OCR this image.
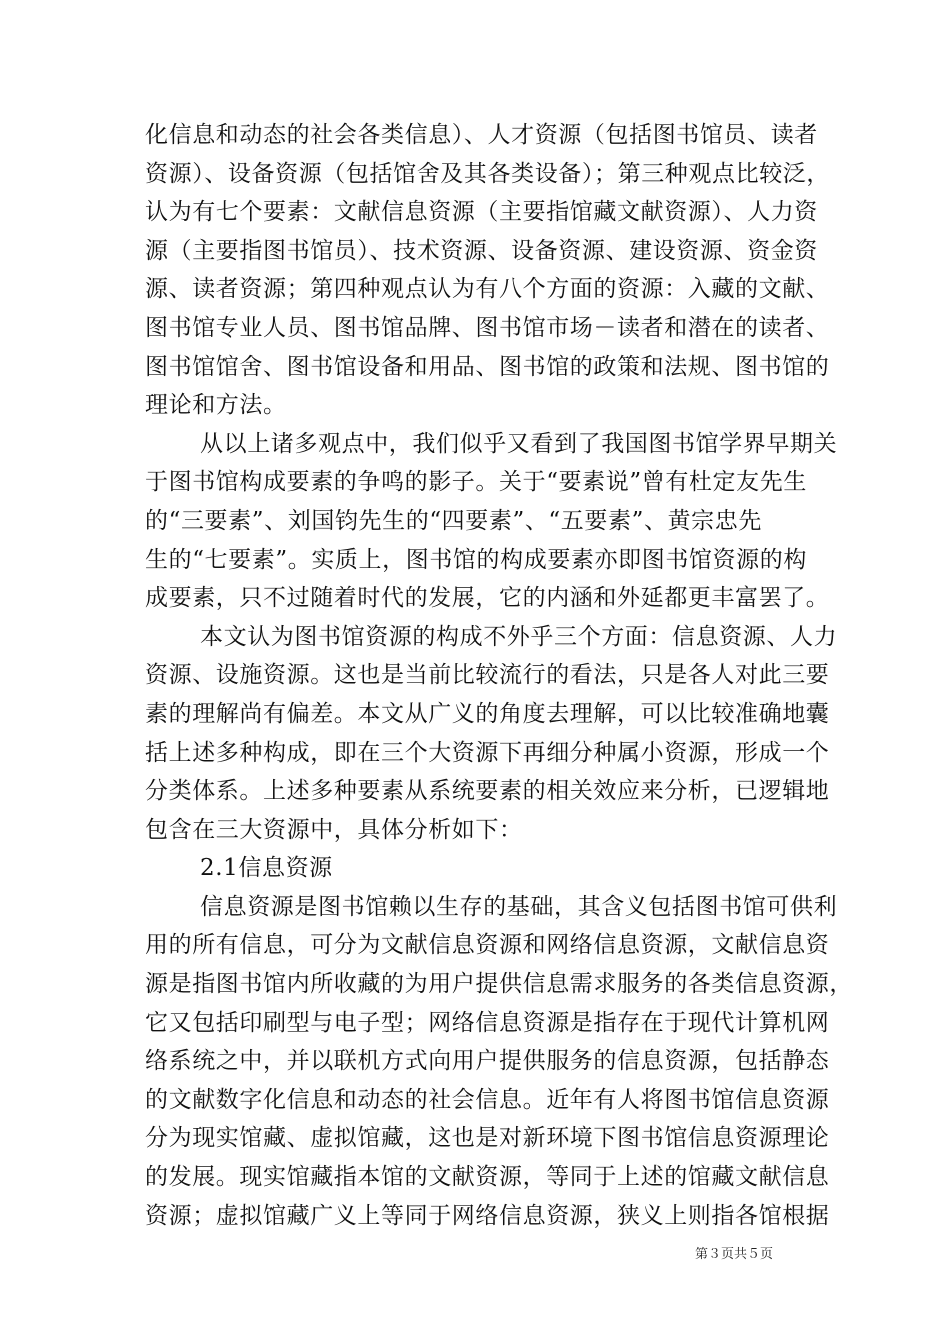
化信息和动态的社会各类信息）、人才资源（包括图书馆员、读者
资源）、设备资源（包括馆舍及其各类设备）；第三种观点比较泛，
认为有七个要素：文献信息资源（主要指馆藏文献资源）、人力资
源（主要指图书馆员）、技术资源、设备资源、建设资源、资金资
源、读者资源；第四种观点认为有八个方面的资源：入藏的文献、
图书馆专业人员、图书馆品牌、图书馆市场－读者和潜在的读者、
图书馆馆舍、图书馆设备和用品、图书馆的政策和法规、图书馆的
理论和方法。
从以上诸多观点中，我们似乎又看到了我国图书馆学界早期关
于图书馆构成要素的争鸣的影子。关于“要素说”曾有杜定友先生
的“三要素”、刘国钧先生的“四要素”、“五要素”、黄宗忠先
生的“七要素”。实质上，图书馆的构成要素亦即图书馆资源的构
成要素，只不过随着时代的发展，它的内涵和外延都更丰富罢了。
本文认为图书馆资源的构成不外乎三个方面：信息资源、人力
资源、设施资源。这也是当前比较流行的看法，只是各人对此三要
素的理解尚有偏差。本文从广义的角度去理解，可以比较准确地囊
括上述多种构成，即在三个大资源下再细分种属小资源，形成一个
分类体系。上述多种要素从系统要素的相关效应来分析，已逻辑地
包含在三大资源中，具体分析如下：
2.1信息资源
信息资源是图书馆赖以生存的基础，其含义包括图书馆可供利
用的所有信息，可分为文献信息资源和网络信息资源，文献信息资
源是指图书馆内所收藏的为用户提供信息需求服务的各类信息资源，
它又包括印刷型与电子型；网络信息资源是指存在于现代计算机网
络系统之中，并以联机方式向用户提供服务的信息资源，包括静态
的文献数字化信息和动态的社会信息。近年有人将图书馆信息资源
分为现实馆藏、虚拟馆藏，这也是对新环境下图书馆信息资源理论
的发展。现实馆藏指本馆的文献资源，等同于上述的馆藏文献信息
资源；虚拟馆藏广义上等同于网络信息资源，狭义上则指各馆根据
第３页共５页
